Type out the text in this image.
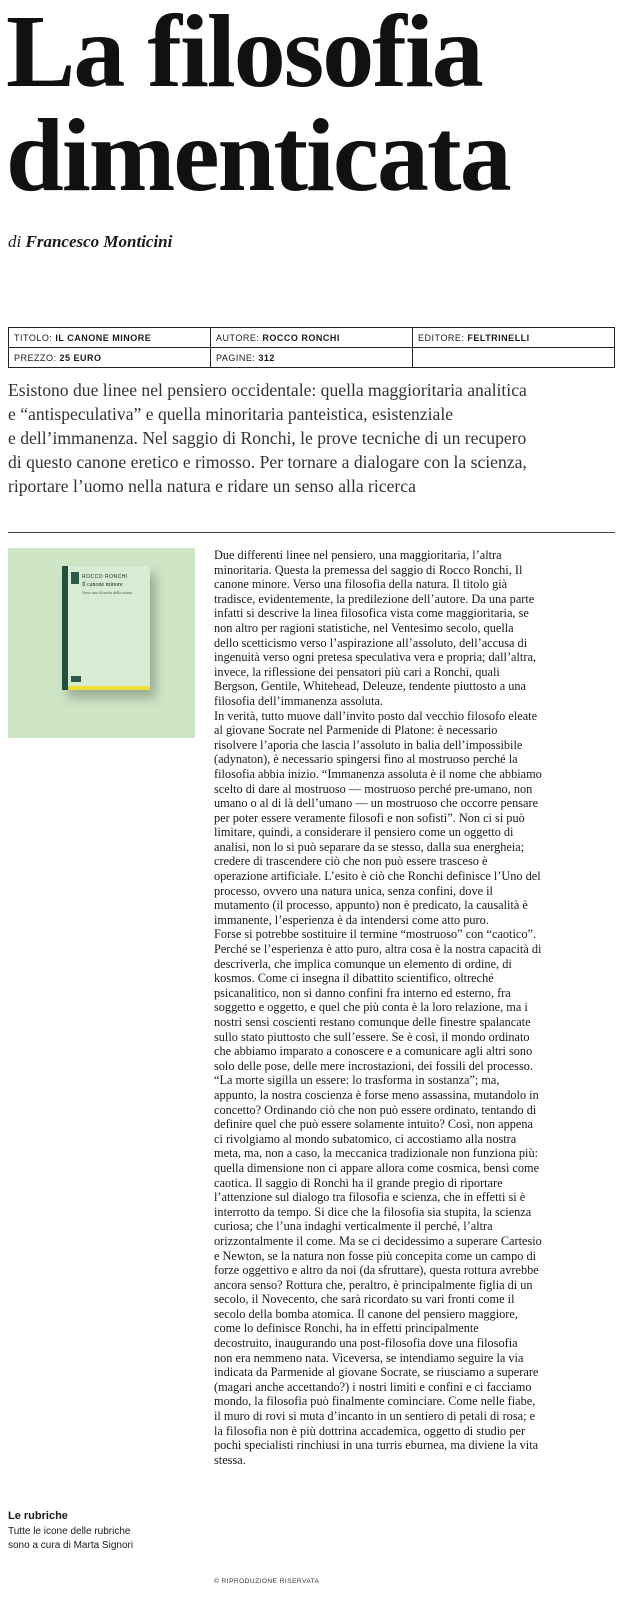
La filosofia
dimenticata
di Francesco Monticini
TITOLO: IL CANONE MINORE	AUTORE: ROCCO RONCHI	EDITORE: FELTRINELLI
PREZZO: 25 EURO	PAGINE: 312	
Esistono due linee nel pensiero occidentale: quella maggioritaria analitica
e “antispeculativa” e quella minoritaria panteistica, esistenziale
e dell’immanenza. Nel saggio di Ronchi, le prove tecniche di un recupero
di questo canone eretico e rimosso. Per tornare a dialogare con la scienza,
riportare l’uomo nella natura e ridare un senso alla ricerca
ROCCO RONCHI
Il canone minore
Verso una filosofia della natura
Due differenti linee nel pensiero, una maggioritaria, l’altra
minoritaria. Questa la premessa del saggio di Rocco Ronchi, Il
canone minore. Verso una filosofia della natura. Il titolo già
tradisce, evidentemente, la predilezione dell’autore. Da una parte
infatti si descrive la linea filosofica vista come maggioritaria, se
non altro per ragioni statistiche, nel Ventesimo secolo, quella
dello scetticismo verso l’aspirazione all’assoluto, dell’accusa di
ingenuità verso ogni pretesa speculativa vera e propria; dall’altra,
invece, la riflessione dei pensatori più cari a Ronchi, quali
Bergson, Gentile, Whitehead, Deleuze, tendente piuttosto a una
filosofia dell’immanenza assoluta.
In verità, tutto muove dall’invito posto dal vecchio filosofo eleate
al giovane Socrate nel Parmenide di Platone: è necessario
risolvere l’aporia che lascia l’assoluto in balia dell’impossibile
(adynaton), è necessario spingersi fino al mostruoso perché la
filosofia abbia inizio. “Immanenza assoluta è il nome che abbiamo
scelto di dare al mostruoso — mostruoso perché pre-umano, non
umano o al di là dell’umano — un mostruoso che occorre pensare
per poter essere veramente filosofi e non sofisti”. Non ci si può
limitare, quindi, a considerare il pensiero come un oggetto di
analisi, non lo si può separare da se stesso, dalla sua energheia;
credere di trascendere ciò che non può essere trasceso è
operazione artificiale. L’esito è ciò che Ronchi definisce l’Uno del
processo, ovvero una natura unica, senza confini, dove il
mutamento (il processo, appunto) non è predicato, la causalità è
immanente, l’esperienza è da intendersi come atto puro.
Forse si potrebbe sostituire il termine “mostruoso” con “caotico”.
Perché se l’esperienza è atto puro, altra cosa è la nostra capacità di
descriverla, che implica comunque un elemento di ordine, di
kosmos. Come ci insegna il dibattito scientifico, oltreché
psicanalitico, non si danno confini fra interno ed esterno, fra
soggetto e oggetto, e quel che più conta è la loro relazione, ma i
nostri sensi coscienti restano comunque delle finestre spalancate
sullo stato piuttosto che sull’essere. Se è così, il mondo ordinato
che abbiamo imparato a conoscere e a comunicare agli altri sono
solo delle pose, delle mere incrostazioni, dei fossili del processo.
“La morte sigilla un essere: lo trasforma in sostanza”; ma,
appunto, la nostra coscienza è forse meno assassina, mutandolo in
concetto? Ordinando ciò che non può essere ordinato, tentando di
definire quel che può essere solamente intuito? Così, non appena
ci rivolgiamo al mondo subatomico, ci accostiamo alla nostra
meta, ma, non a caso, la meccanica tradizionale non funziona più:
quella dimensione non ci appare allora come cosmica, bensì come
caotica. Il saggio di Ronchi ha il grande pregio di riportare
l’attenzione sul dialogo tra filosofia e scienza, che in effetti si è
interrotto da tempo. Si dice che la filosofia sia stupita, la scienza
curiosa; che l’una indaghi verticalmente il perché, l’altra
orizzontalmente il come. Ma se ci decidessimo a superare Cartesio
e Newton, se la natura non fosse più concepita come un campo di
forze oggettivo e altro da noi (da sfruttare), questa rottura avrebbe
ancora senso? Rottura che, peraltro, è principalmente figlia di un
secolo, il Novecento, che sarà ricordato su vari fronti come il
secolo della bomba atomica. Il canone del pensiero maggiore,
come lo definisce Ronchi, ha in effetti principalmente
decostruito, inaugurando una post-filosofia dove una filosofia
non era nemmeno nata. Viceversa, se intendiamo seguire la via
indicata da Parmenide al giovane Socrate, se riusciamo a superare
(magari anche accettando?) i nostri limiti e confini e ci facciamo
mondo, la filosofia può finalmente cominciare. Come nelle fiabe,
il muro di rovi si muta d’incanto in un sentiero di petali di rosa; e
la filosofia non è più dottrina accademica, oggetto di studio per
pochi specialisti rinchiusi in una turris eburnea, ma diviene la vita
stessa.
Le rubriche
Tutte le icone delle rubriche
sono a cura di Marta Signori
© RIPRODUZIONE RISERVATA
